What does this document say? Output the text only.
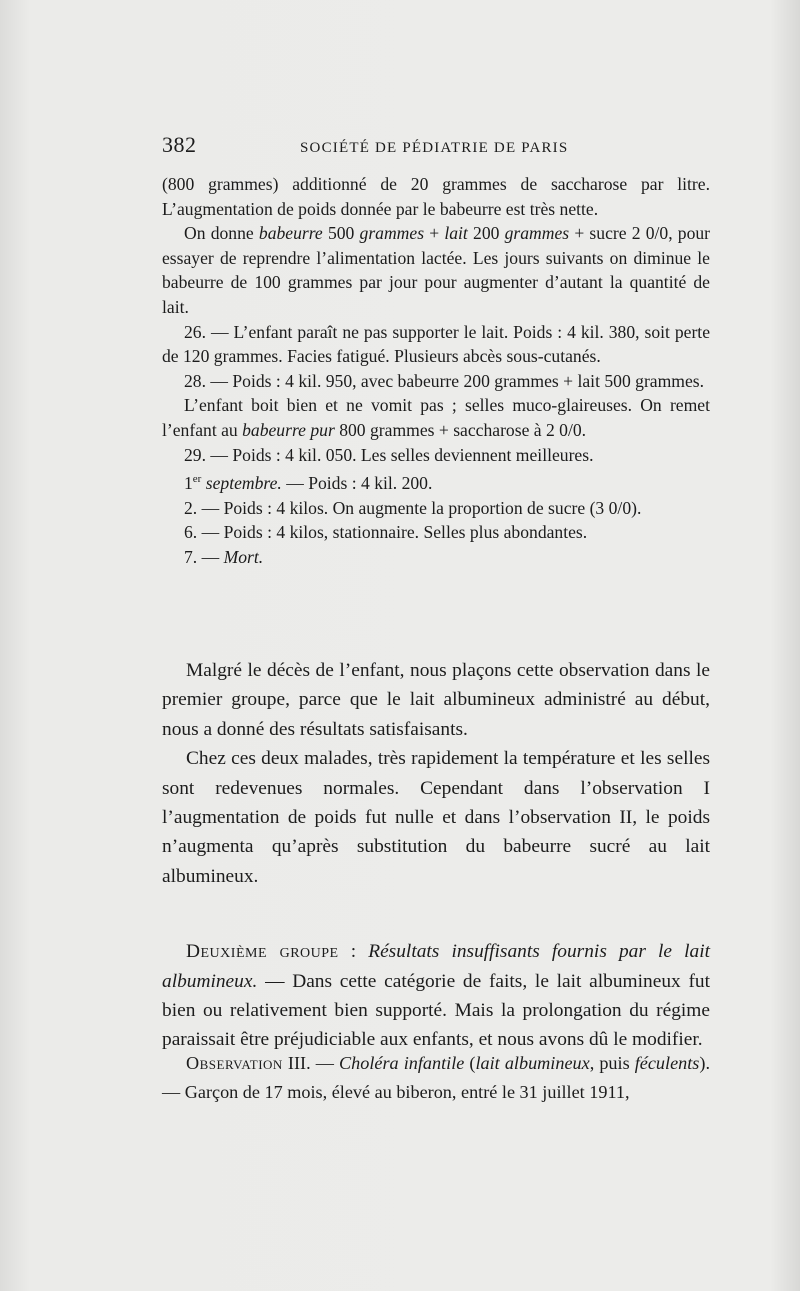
382	SOCIÉTÉ DE PÉDIATRIE DE PARIS

(800 grammes) additionné de 20 grammes de saccharose par litre. L’augmentation de poids donnée par le babeurre est très nette.

On donne babeurre 500 grammes + lait 200 grammes + sucre 2 0/0, pour essayer de reprendre l’alimentation lactée. Les jours suivants on diminue le babeurre de 100 grammes par jour pour augmenter d’autant la quantité de lait.

26. — L’enfant paraît ne pas supporter le lait. Poids : 4 kil. 380, soit perte de 120 grammes. Facies fatigué. Plusieurs abcès sous-cutanés.

28. — Poids : 4 kil. 950, avec babeurre 200 grammes + lait 500 grammes.

L’enfant boit bien et ne vomit pas ; selles muco-glaireuses. On remet l’enfant au babeurre pur 800 grammes + saccharose à 2 0/0.

29. — Poids : 4 kil. 050. Les selles deviennent meilleures.

1er septembre. — Poids : 4 kil. 200.

2. — Poids : 4 kilos. On augmente la proportion de sucre (3 0/0).

6. — Poids : 4 kilos, stationnaire. Selles plus abondantes.

7. — Mort.

Malgré le décès de l’enfant, nous plaçons cette observation dans le premier groupe, parce que le lait albumineux administré au début, nous a donné des résultats satisfaisants.

Chez ces deux malades, très rapidement la température et les selles sont redevenues normales. Cependant dans l’observation I l’augmentation de poids fut nulle et dans l’observation II, le poids n’augmenta qu’après substitution du babeurre sucré au lait albumineux.

Deuxième groupe : Résultats insuffisants fournis par le lait albumineux. — Dans cette catégorie de faits, le lait albumineux fut bien ou relativement bien supporté. Mais la prolongation du régime paraissait être préjudiciable aux enfants, et nous avons dû le modifier.

Observation III. — Choléra infantile (lait albumineux, puis féculents). — Garçon de 17 mois, élevé au biberon, entré le 31 juillet 1911,
